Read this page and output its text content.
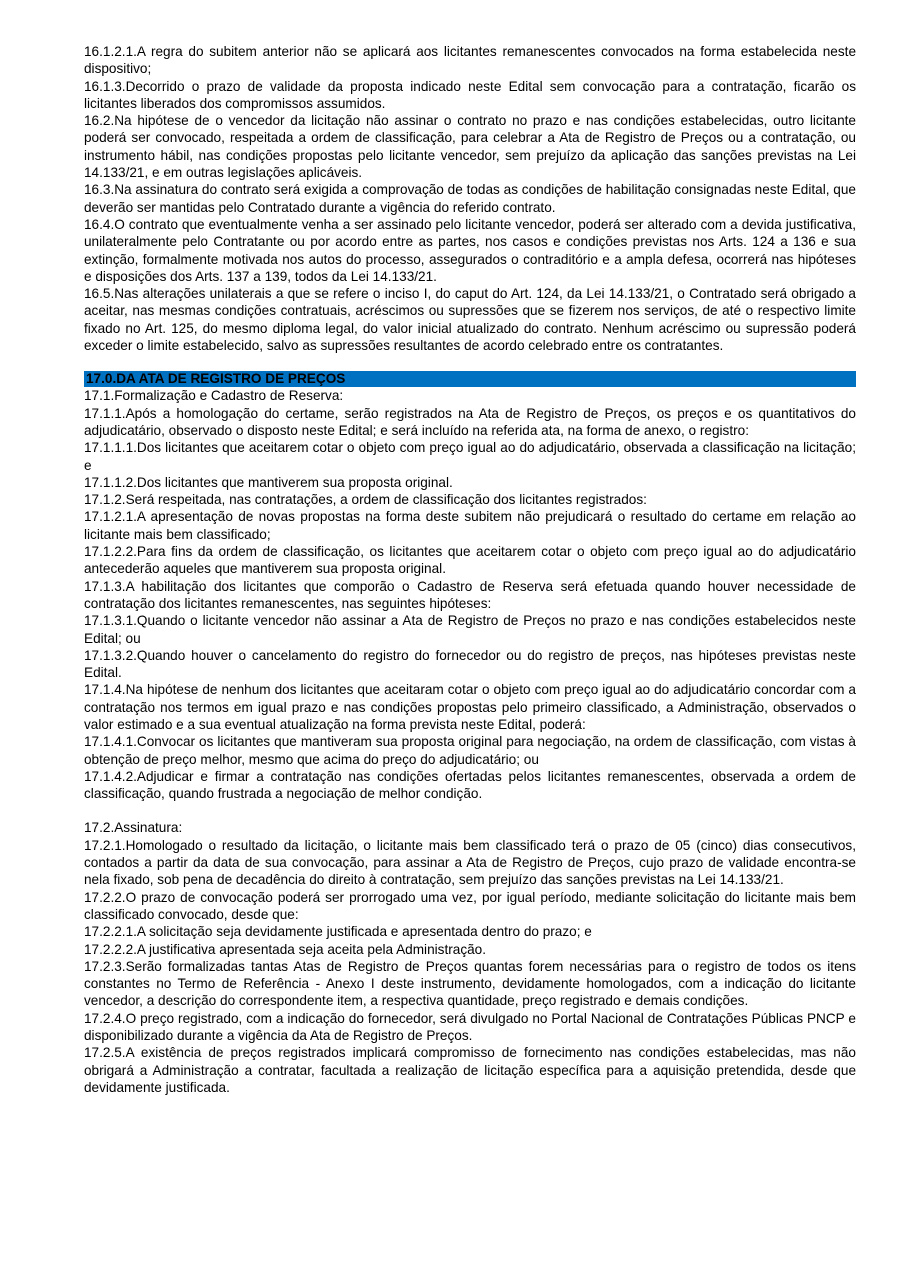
16.1.2.1.A regra do subitem anterior não se aplicará aos licitantes remanescentes convocados na forma estabelecida neste dispositivo;

16.1.3.Decorrido o prazo de validade da proposta indicado neste Edital sem convocação para a contratação, ficarão os licitantes liberados dos compromissos assumidos.

16.2.Na hipótese de o vencedor da licitação não assinar o contrato no prazo e nas condições estabelecidas, outro licitante poderá ser convocado, respeitada a ordem de classificação, para celebrar a Ata de Registro de Preços ou a contratação, ou instrumento hábil, nas condições propostas pelo licitante vencedor, sem prejuízo da aplicação das sanções previstas na Lei 14.133/21, e em outras legislações aplicáveis.

16.3.Na assinatura do contrato será exigida a comprovação de todas as condições de habilitação consignadas neste Edital, que deverão ser mantidas pelo Contratado durante a vigência do referido contrato.

16.4.O contrato que eventualmente venha a ser assinado pelo licitante vencedor, poderá ser alterado com a devida justificativa, unilateralmente pelo Contratante ou por acordo entre as partes, nos casos e condições previstas nos Arts. 124 a 136 e sua extinção, formalmente motivada nos autos do processo, assegurados o contraditório e a ampla defesa, ocorrerá nas hipóteses e disposições dos Arts. 137 a 139, todos da Lei 14.133/21.

16.5.Nas alterações unilaterais a que se refere o inciso I, do caput do Art. 124, da Lei 14.133/21, o Contratado será obrigado a aceitar, nas mesmas condições contratuais, acréscimos ou supressões que se fizerem nos serviços, de até o respectivo limite fixado no Art. 125, do mesmo diploma legal, do valor inicial atualizado do contrato. Nenhum acréscimo ou supressão poderá exceder o limite estabelecido, salvo as supressões resultantes de acordo celebrado entre os contratantes.

17.0.DA ATA DE REGISTRO DE PREÇOS

17.1.Formalização e Cadastro de Reserva:

17.1.1.Após a homologação do certame, serão registrados na Ata de Registro de Preços, os preços e os quantitativos do adjudicatário, observado o disposto neste Edital; e será incluído na referida ata, na forma de anexo, o registro:

17.1.1.1.Dos licitantes que aceitarem cotar o objeto com preço igual ao do adjudicatário, observada a classificação na licitação; e

17.1.1.2.Dos licitantes que mantiverem sua proposta original.

17.1.2.Será respeitada, nas contratações, a ordem de classificação dos licitantes registrados:

17.1.2.1.A apresentação de novas propostas na forma deste subitem não prejudicará o resultado do certame em relação ao licitante mais bem classificado;

17.1.2.2.Para fins da ordem de classificação, os licitantes que aceitarem cotar o objeto com preço igual ao do adjudicatário antecederão aqueles que mantiverem sua proposta original.

17.1.3.A habilitação dos licitantes que comporão o Cadastro de Reserva será efetuada quando houver necessidade de contratação dos licitantes remanescentes, nas seguintes hipóteses:

17.1.3.1.Quando o licitante vencedor não assinar a Ata de Registro de Preços no prazo e nas condições estabelecidos neste Edital; ou

17.1.3.2.Quando houver o cancelamento do registro do fornecedor ou do registro de preços, nas hipóteses previstas neste Edital.

17.1.4.Na hipótese de nenhum dos licitantes que aceitaram cotar o objeto com preço igual ao do adjudicatário concordar com a contratação nos termos em igual prazo e nas condições propostas pelo primeiro classificado, a Administração, observados o valor estimado e a sua eventual atualização na forma prevista neste Edital, poderá:

17.1.4.1.Convocar os licitantes que mantiveram sua proposta original para negociação, na ordem de classificação, com vistas à obtenção de preço melhor, mesmo que acima do preço do adjudicatário; ou

17.1.4.2.Adjudicar e firmar a contratação nas condições ofertadas pelos licitantes remanescentes, observada a ordem de classificação, quando frustrada a negociação de melhor condição.

17.2.Assinatura:

17.2.1.Homologado o resultado da licitação, o licitante mais bem classificado terá o prazo de 05 (cinco) dias consecutivos, contados a partir da data de sua convocação, para assinar a Ata de Registro de Preços, cujo prazo de validade encontra-se nela fixado, sob pena de decadência do direito à contratação, sem prejuízo das sanções previstas na Lei 14.133/21.

17.2.2.O prazo de convocação poderá ser prorrogado uma vez, por igual período, mediante solicitação do licitante mais bem classificado convocado, desde que:

17.2.2.1.A solicitação seja devidamente justificada e apresentada dentro do prazo; e

17.2.2.2.A justificativa apresentada seja aceita pela Administração.

17.2.3.Serão formalizadas tantas Atas de Registro de Preços quantas forem necessárias para o registro de todos os itens constantes no Termo de Referência - Anexo I deste instrumento, devidamente homologados, com a indicação do licitante vencedor, a descrição do correspondente item, a respectiva quantidade, preço registrado e demais condições.

17.2.4.O preço registrado, com a indicação do fornecedor, será divulgado no Portal Nacional de Contratações Públicas PNCP e disponibilizado durante a vigência da Ata de Registro de Preços.

17.2.5.A existência de preços registrados implicará compromisso de fornecimento nas condições estabelecidas, mas não obrigará a Administração a contratar, facultada a realização de licitação específica para a aquisição pretendida, desde que devidamente justificada.
